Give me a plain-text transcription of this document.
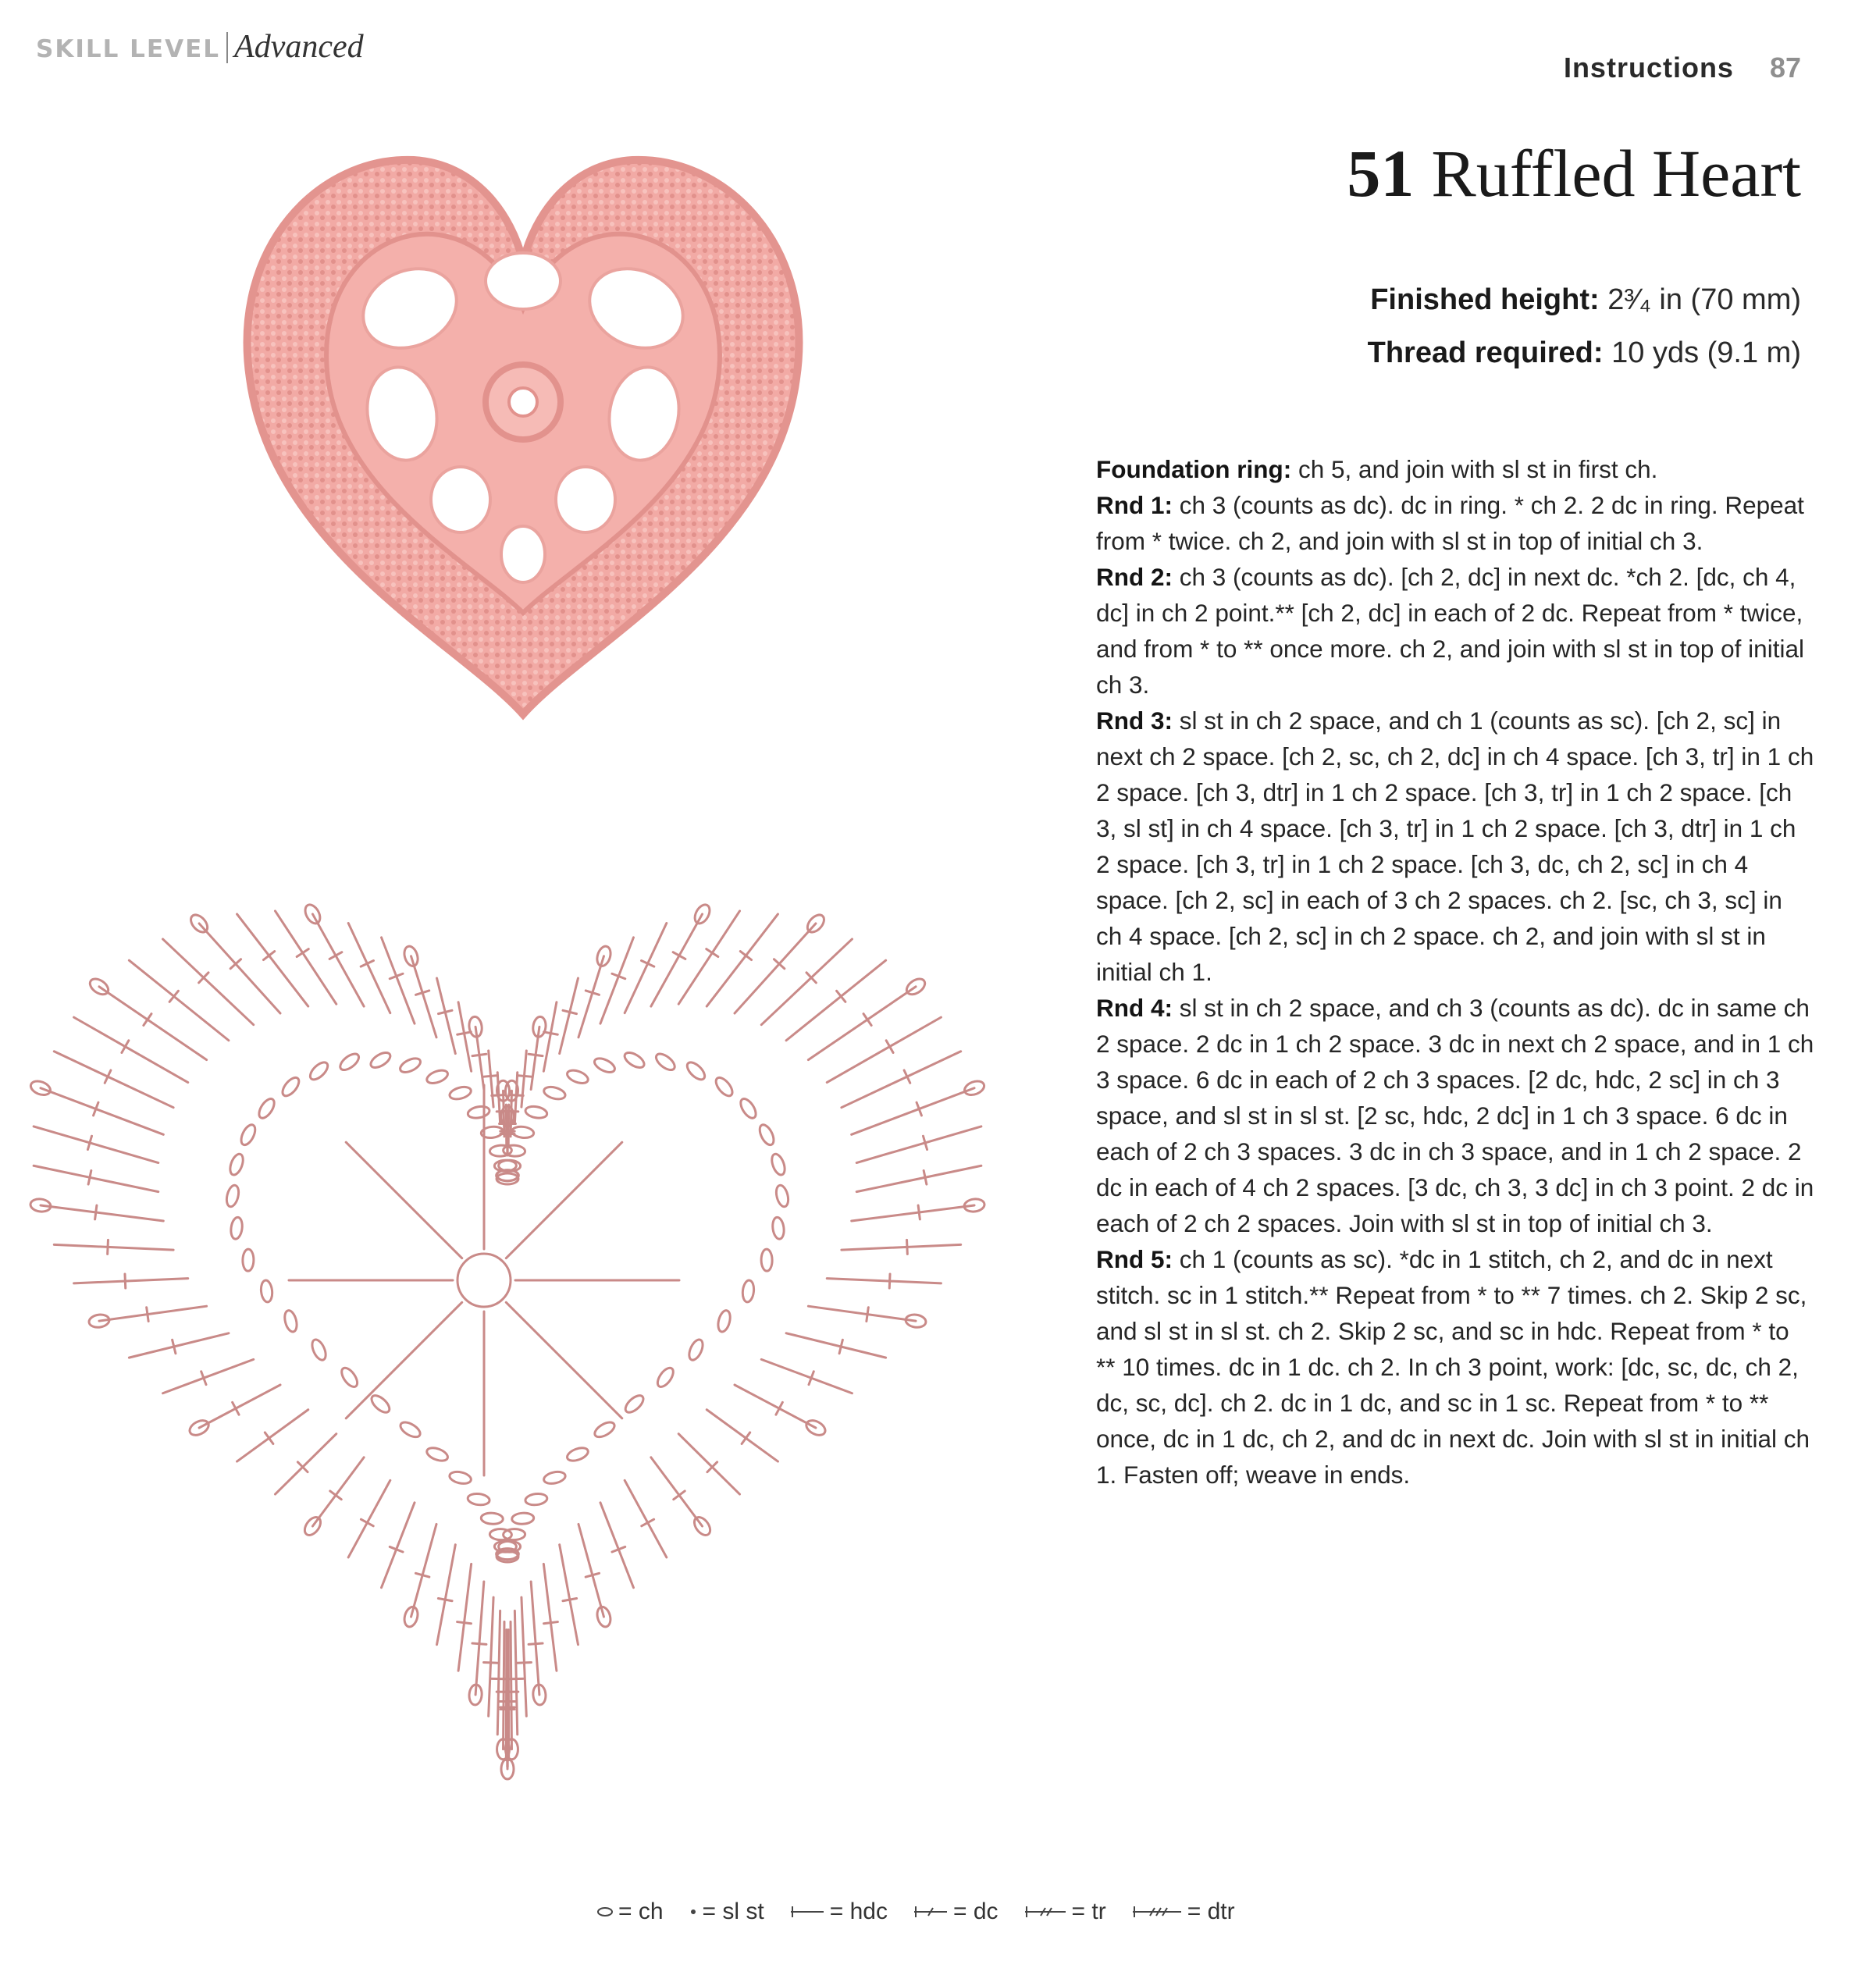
SKILL LEVEL Advanced
Instructions 87
51 Ruffled Heart
Finished height: 2³⁄₄ in (70 mm)
Thread required: 10 yds (9.1 m)

Foundation ring: ch 5, and join with sl st in first ch.

Rnd 1: ch 3 (counts as dc). dc in ring. * ch 2. 2 dc in ring. Repeat from * twice. ch 2, and join with sl st in top of initial ch 3.

Rnd 2: ch 3 (counts as dc). [ch 2, dc] in next dc. *ch 2. [dc, ch 4, dc] in ch 2 point.** [ch 2, dc] in each of 2 dc. Repeat from * twice, and from * to ** once more. ch 2, and join with sl st in top of initial ch 3.

Rnd 3: sl st in ch 2 space, and ch 1 (counts as sc). [ch 2, sc] in next ch 2 space. [ch 2, sc, ch 2, dc] in ch 4 space. [ch 3, tr] in 1 ch 2 space. [ch 3, dtr] in 1 ch 2 space. [ch 3, tr] in 1 ch 2 space. [ch 3, sl st] in ch 4 space. [ch 3, tr] in 1 ch 2 space. [ch 3, dtr] in 1 ch 2 space. [ch 3, tr] in 1 ch 2 space. [ch 3, dc, ch 2, sc] in ch 4 space. [ch 2, sc] in each of 3 ch 2 spaces. ch 2. [sc, ch 3, sc] in ch 4 space. [ch 2, sc] in ch 2 space. ch 2, and join with sl st in initial ch 1.

Rnd 4: sl st in ch 2 space, and ch 3 (counts as dc). dc in same ch 2 space. 2 dc in 1 ch 2 space. 3 dc in next ch 2 space, and in 1 ch 3 space. 6 dc in each of 2 ch 3 spaces. [2 dc, hdc, 2 sc] in ch 3 space, and sl st in sl st. [2 sc, hdc, 2 dc] in 1 ch 3 space. 6 dc in each of 2 ch 3 spaces. 3 dc in ch 3 space, and in 1 ch 2 space. 2 dc in each of 4 ch 2 spaces. [3 dc, ch 3, 3 dc] in ch 3 point. 2 dc in each of 2 ch 2 spaces. Join with sl st in top of initial ch 3.

Rnd 5: ch 1 (counts as sc). *dc in 1 stitch, ch 2, and dc in next stitch. sc in 1 stitch.** Repeat from * to ** 7 times. ch 2. Skip 2 sc, and sl st in sl st. ch 2. Skip 2 sc, and sc in hdc. Repeat from * to ** 10 times. dc in 1 dc. ch 2. In ch 3 point, work: [dc, sc, dc, ch 2, dc, sc, dc]. ch 2. dc in 1 dc, and sc in 1 sc. Repeat from * to ** once, dc in 1 dc, ch 2, and dc in next dc. Join with sl st in initial ch 1. Fasten off; weave in ends.

= ch = sl st	= hdc	= dc	= tr	= dtr
